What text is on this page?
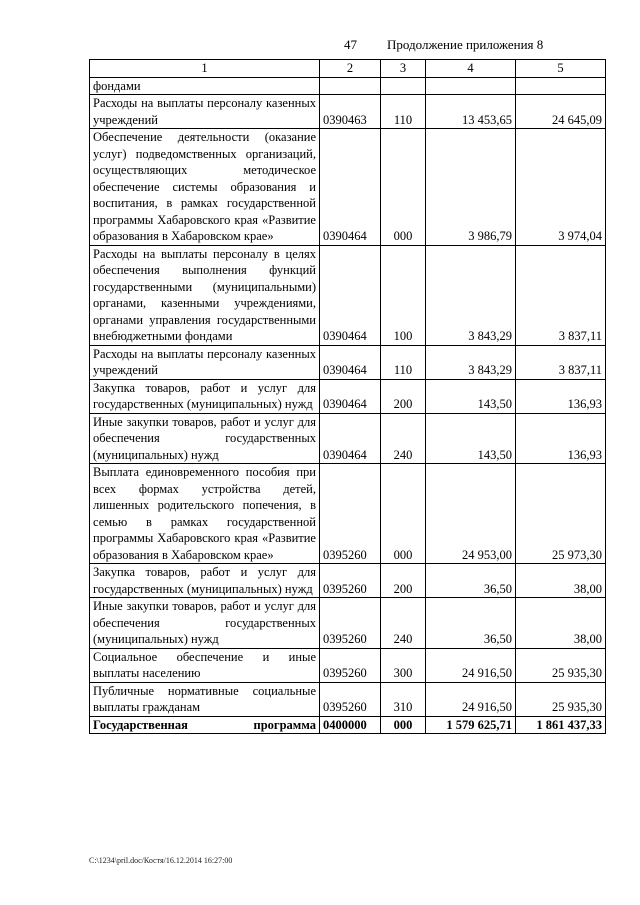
47 Продолжение приложения 8
1	2	3	4	5
фондами				
Расходы на выплаты персоналу казенных учреждений	0390463	110	13 453,65	24 645,09
Обеспечение деятельности (оказание услуг) подведомственных организаций, осуществляющих методическое обеспечение системы образования и воспитания, в рамках государственной программы Хабаровского края «Развитие образования в Хабаровском крае»	0390464	000	3 986,79	3 974,04
Расходы на выплаты персоналу в целях обеспечения выполнения функций государственными (муниципальными) органами, казенными учреждениями, органами управления государственными внебюджетными фондами	0390464	100	3 843,29	3 837,11
Расходы на выплаты персоналу казенных учреждений	0390464	110	3 843,29	3 837,11
Закупка товаров, работ и услуг для государственных (муниципальных) нужд	0390464	200	143,50	136,93
Иные закупки товаров, работ и услуг для обеспечения государственных (муниципальных) нужд	0390464	240	143,50	136,93
Выплата единовременного пособия при всех формах устройства детей, лишенных родительского попечения, в семью в рамках государственной программы Хабаровского края «Развитие образования в Хабаровском крае»	0395260	000	24 953,00	25 973,30
Закупка товаров, работ и услуг для государственных (муниципальных) нужд	0395260	200	36,50	38,00
Иные закупки товаров, работ и услуг для обеспечения государственных (муниципальных) нужд	0395260	240	36,50	38,00
Социальное обеспечение и иные выплаты населению	0395260	300	24 916,50	25 935,30
Публичные нормативные социальные выплаты гражданам	0395260	310	24 916,50	25 935,30
Государственная программа	0400000	000	1 579 625,71	1 861 437,33
C:\1234\pril.doc/Костя/16.12.2014 16:27:00
